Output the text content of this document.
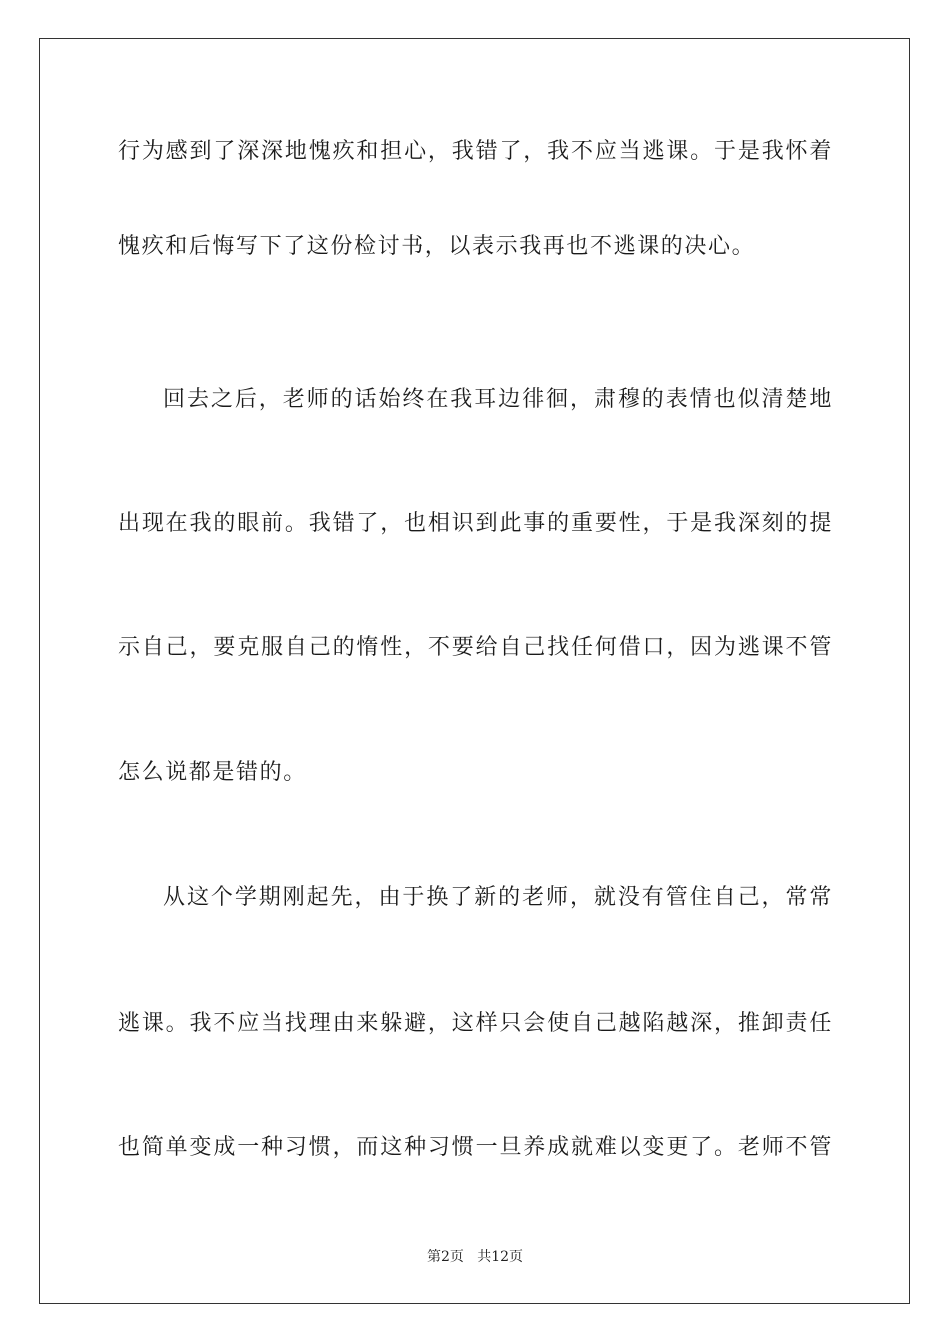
行为感到了深深地愧疚和担心，我错了，我不应当逃课。于是我怀着
愧疚和后悔写下了这份检讨书，以表示我再也不逃课的决心。
回去之后，老师的话始终在我耳边徘徊，肃穆的表情也似清楚地
出现在我的眼前。我错了，也相识到此事的重要性，于是我深刻的提
示自己，要克服自己的惰性，不要给自己找任何借口，因为逃课不管
怎么说都是错的。
从这个学期刚起先，由于换了新的老师，就没有管住自己，常常
逃课。我不应当找理由来躲避，这样只会使自己越陷越深，推卸责任
也简单变成一种习惯，而这种习惯一旦养成就难以变更了。老师不管
第2页   共12页
